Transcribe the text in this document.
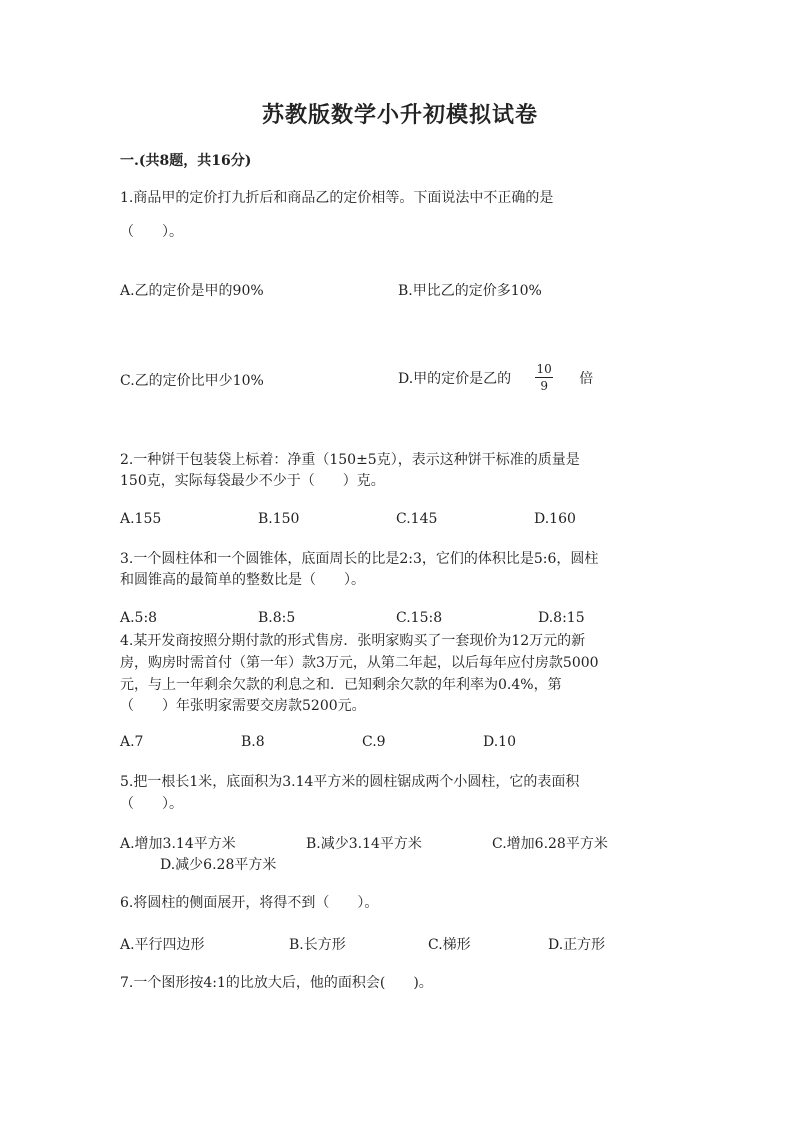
苏教版数学小升初模拟试卷
一.(共8题，共16分)
1.商品甲的定价打九折后和商品乙的定价相等。下面说法中不正确的是
（　　）。
A.乙的定价是甲的90%	B.甲比乙的定价多10%
C.乙的定价比甲少10%	D.甲的定价是乙的 $\frac{10}{9}$ 倍
2.一种饼干包装袋上标着：净重（150±5克），表示这种饼干标准的质量是
150克，实际每袋最少不少于（　　）克。
A.155	B.150	C.145	D.160
3.一个圆柱体和一个圆锥体，底面周长的比是2:3，它们的体积比是5:6，圆柱
和圆锥高的最简单的整数比是（　　）。
A.5:8	B.8:5	C.15:8	D.8:15
4.某开发商按照分期付款的形式售房．张明家购买了一套现价为12万元的新
房，购房时需首付（第一年）款3万元，从第二年起，以后每年应付房款5000
元，与上一年剩余欠款的利息之和．已知剩余欠款的年利率为0.4%，第
（　　）年张明家需要交房款5200元。
A.7	B.8	C.9	D.10
5.把一根长1米，底面积为3.14平方米的圆柱锯成两个小圆柱，它的表面积
（　　）。
A.增加3.14平方米	B.减少3.14平方米	C.增加6.28平方米
D.减少6.28平方米
6.将圆柱的侧面展开，将得不到（　　）。
A.平行四边形	B.长方形	C.梯形	D.正方形
7.一个图形按4:1的比放大后，他的面积会(　　)。
